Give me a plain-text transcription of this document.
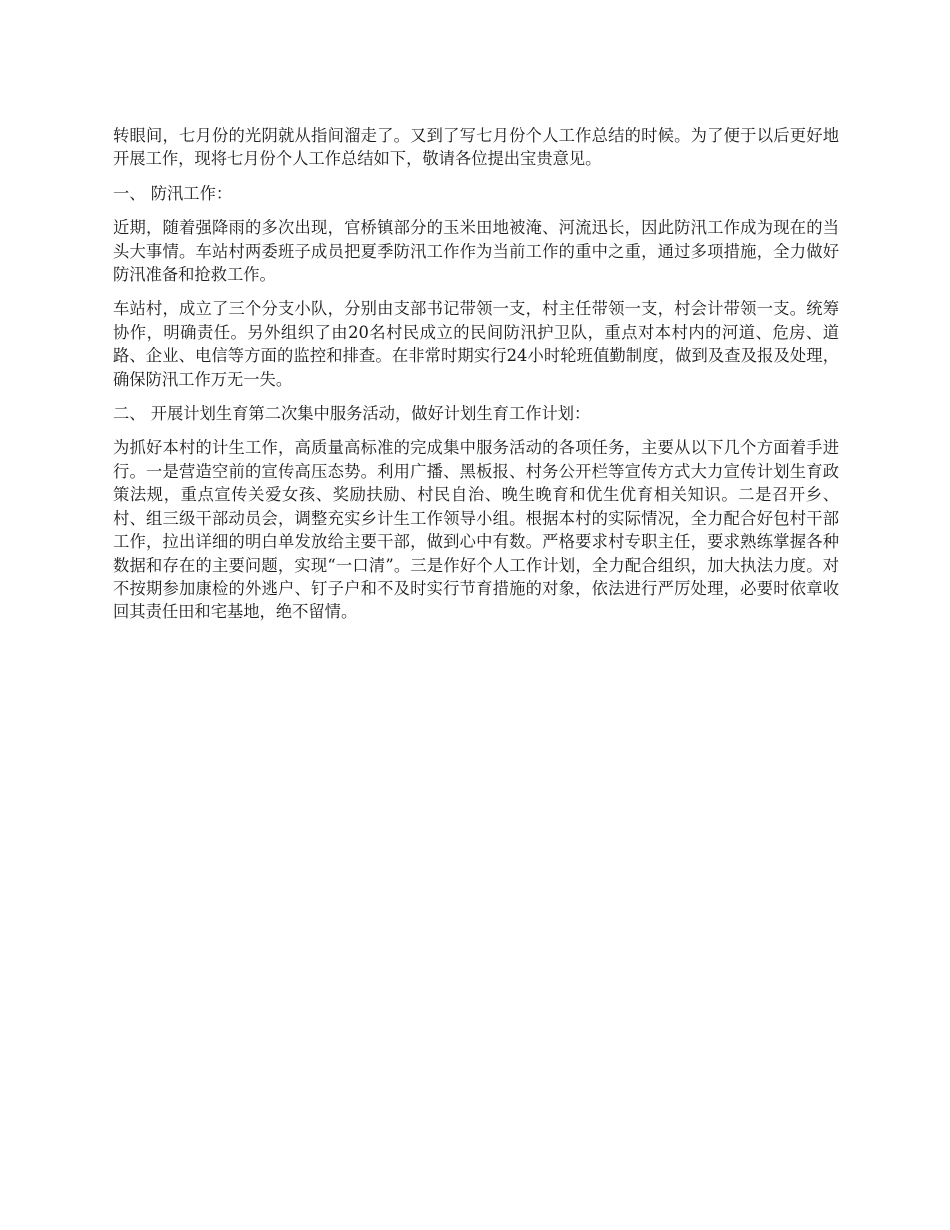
转眼间，七月份的光阴就从指间溜走了。又到了写七月份个人工作总结的时候。为了便于以后更好地开展工作，现将七月份个人工作总结如下，敬请各位提出宝贵意见。

一、 防汛工作：

近期，随着强降雨的多次出现，官桥镇部分的玉米田地被淹、河流迅长，因此防汛工作成为现在的当头大事情。车站村两委班子成员把夏季防汛工作作为当前工作的重中之重，通过多项措施，全力做好防汛准备和抢救工作。

车站村，成立了三个分支小队，分别由支部书记带领一支，村主任带领一支，村会计带领一支。统筹协作，明确责任。另外组织了由20名村民成立的民间防汛护卫队，重点对本村内的河道、危房、道路、企业、电信等方面的监控和排查。在非常时期实行24小时轮班值勤制度，做到及查及报及处理，确保防汛工作万无一失。

二、 开展计划生育第二次集中服务活动，做好计划生育工作计划：

为抓好本村的计生工作，高质量高标准的完成集中服务活动的各项任务，主要从以下几个方面着手进行。一是营造空前的宣传高压态势。利用广播、黑板报、村务公开栏等宣传方式大力宣传计划生育政策法规，重点宣传关爱女孩、奖励扶励、村民自治、晚生晚育和优生优育相关知识。二是召开乡、村、组三级干部动员会，调整充实乡计生工作领导小组。根据本村的实际情况，全力配合好包村干部工作，拉出详细的明白单发放给主要干部，做到心中有数。严格要求村专职主任，要求熟练掌握各种数据和存在的主要问题，实现“一口清”。三是作好个人工作计划，全力配合组织，加大执法力度。对不按期参加康检的外逃户、钉子户和不及时实行节育措施的对象，依法进行严厉处理，必要时依章收回其责任田和宅基地，绝不留情。
